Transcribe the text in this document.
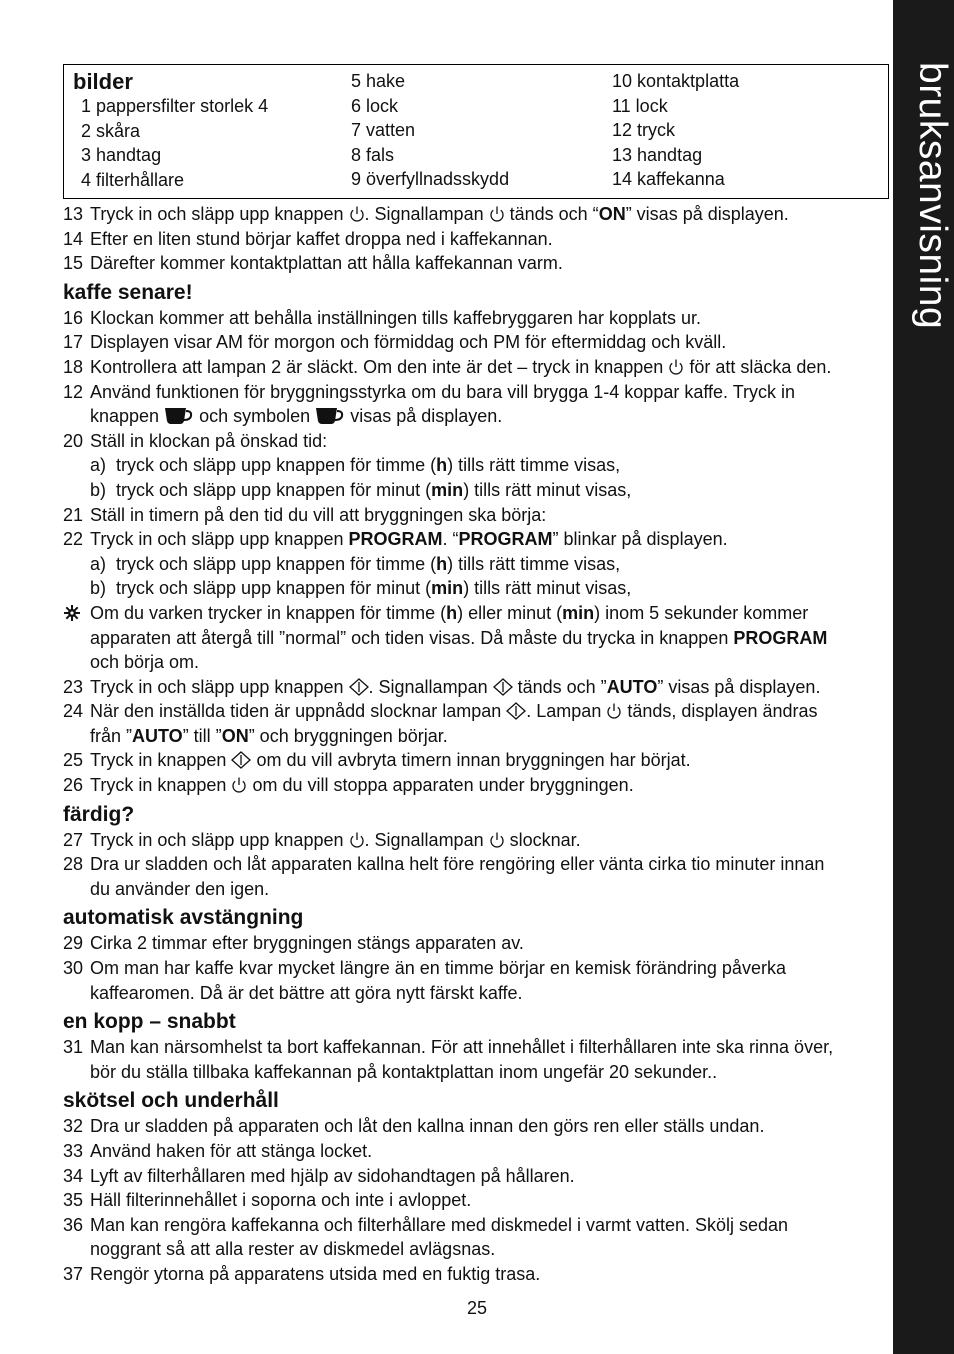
bruksanvisning
bilder
1 pappersfilter storlek 4
2 skåra
3 handtag
4 filterhållare
5 hake
6 lock
7 vatten
8 fals
9 överfyllnadsskydd
10 kontaktplatta
11 lock
12 tryck
13 handtag
14 kaffekanna
13 Tryck in och släpp upp knappen . Signallampan tänds och “ON” visas på displayen.
14 Efter en liten stund börjar kaffet droppa ned i kaffekannan.
15 Därefter kommer kontaktplattan att hålla kaffekannan varm.
kaffe senare!
16 Klockan kommer att behålla inställningen tills kaffebryggaren har kopplats ur.
17 Displayen visar AM för morgon och förmiddag och PM för eftermiddag och kväll.
18 Kontrollera att lampan 2 är släckt. Om den inte är det – tryck in knappen för att släcka den.
12 Använd funktionen för bryggningsstyrka om du bara vill brygga 1-4 koppar kaffe. Tryck in
knappen och symbolen visas på displayen.
20 Ställ in klockan på önskad tid:
a) tryck och släpp upp knappen för timme (h) tills rätt timme visas,
b) tryck och släpp upp knappen för minut (min) tills rätt minut visas,
21 Ställ in timern på den tid du vill att bryggningen ska börja:
22 Tryck in och släpp upp knappen PROGRAM. “PROGRAM” blinkar på displayen.
a) tryck och släpp upp knappen för timme (h) tills rätt timme visas,
b) tryck och släpp upp knappen för minut (min) tills rätt minut visas,
Om du varken trycker in knappen för timme (h) eller minut (min) inom 5 sekunder kommer
apparaten att återgå till ”normal” och tiden visas. Då måste du trycka in knappen PROGRAM
och börja om.
23 Tryck in och släpp upp knappen . Signallampan tänds och ”AUTO” visas på displayen.
24 När den inställda tiden är uppnådd slocknar lampan . Lampan tänds, displayen ändras
från ”AUTO” till ”ON” och bryggningen börjar.
25 Tryck in knappen om du vill avbryta timern innan bryggningen har börjat.
26 Tryck in knappen om du vill stoppa apparaten under bryggningen.
färdig?
27 Tryck in och släpp upp knappen . Signallampan slocknar.
28 Dra ur sladden och låt apparaten kallna helt före rengöring eller vänta cirka tio minuter innan
du använder den igen.
automatisk avstängning
29 Cirka 2 timmar efter bryggningen stängs apparaten av.
30 Om man har kaffe kvar mycket längre än en timme börjar en kemisk förändring påverka
kaffearomen. Då är det bättre att göra nytt färskt kaffe.
en kopp – snabbt
31 Man kan närsomhelst ta bort kaffekannan. För att innehållet i filterhållaren inte ska rinna över,
bör du ställa tillbaka kaffekannan på kontaktplattan inom ungefär 20 sekunder..
skötsel och underhåll
32 Dra ur sladden på apparaten och låt den kallna innan den görs ren eller ställs undan.
33 Använd haken för att stänga locket.
34 Lyft av filterhållaren med hjälp av sidohandtagen på hållaren.
35 Häll filterinnehållet i soporna och inte i avloppet.
36 Man kan rengöra kaffekanna och filterhållare med diskmedel i varmt vatten. Skölj sedan
noggrant så att alla rester av diskmedel avlägsnas.
37 Rengör ytorna på apparatens utsida med en fuktig trasa.
25
